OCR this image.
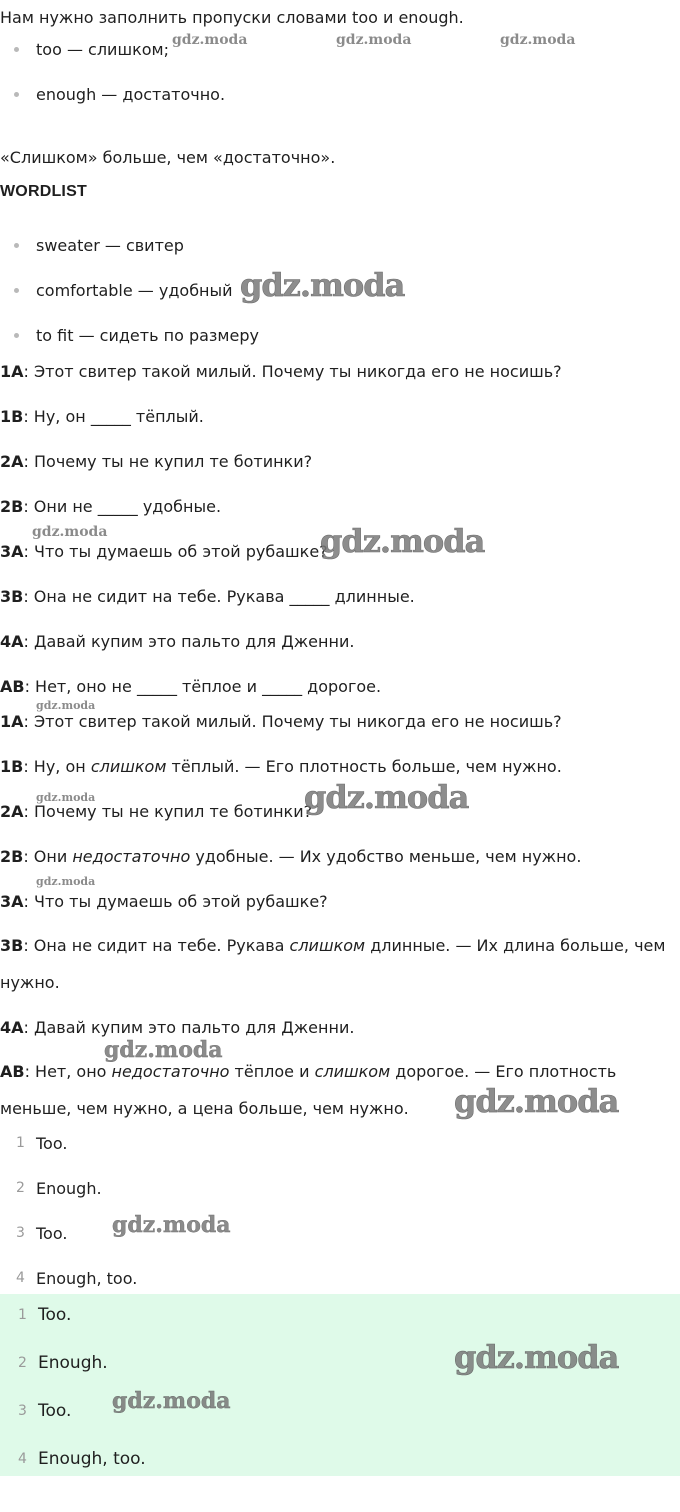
Нам нужно заполнить пропуски словами too и enough.
too — слишком;
enough — достаточно.
«Слишком» больше, чем «достаточно».
WORDLIST
sweater — свитер
comfortable — удобный
to fit — сидеть по размеру
1A: Этот свитер такой милый. Почему ты никогда его не носишь?
1B: Ну, он _____ тёплый.
2A: Почему ты не купил те ботинки?
2B: Они не _____ удобные.
3A: Что ты думаешь об этой рубашке?
3B: Она не сидит на тебе. Рукава _____ длинные.
4A: Давай купим это пальто для Дженни.
AB: Нет, оно не _____ тёплое и _____ дорогое.
1A: Этот свитер такой милый. Почему ты никогда его не носишь?
1B: Ну, он слишком тёплый. — Его плотность больше, чем нужно.
2A: Почему ты не купил те ботинки?
2B: Они недостаточно удобные. — Их удобство меньше, чем нужно.
3A: Что ты думаешь об этой рубашке?
3B: Она не сидит на тебе. Рукава слишком длинные. — Их длина больше, чем нужно.
4A: Давай купим это пальто для Дженни.
AB: Нет, оно недостаточно тёплое и слишком дорогое. — Его плотность меньше, чем нужно, а цена больше, чем нужно.
1 Too.
2 Enough.
3 Too.
4 Enough, too.
1 Too.
2 Enough.
3 Too.
4 Enough, too.
gdz.moda	gdz.moda	gdz.moda
gdz.moda
gdz.moda	gdz.moda
gdz.moda
gdz.moda	gdz.moda
gdz.moda
gdz.moda
gdz.moda
gdz.moda
gdz.moda
gdz.moda
